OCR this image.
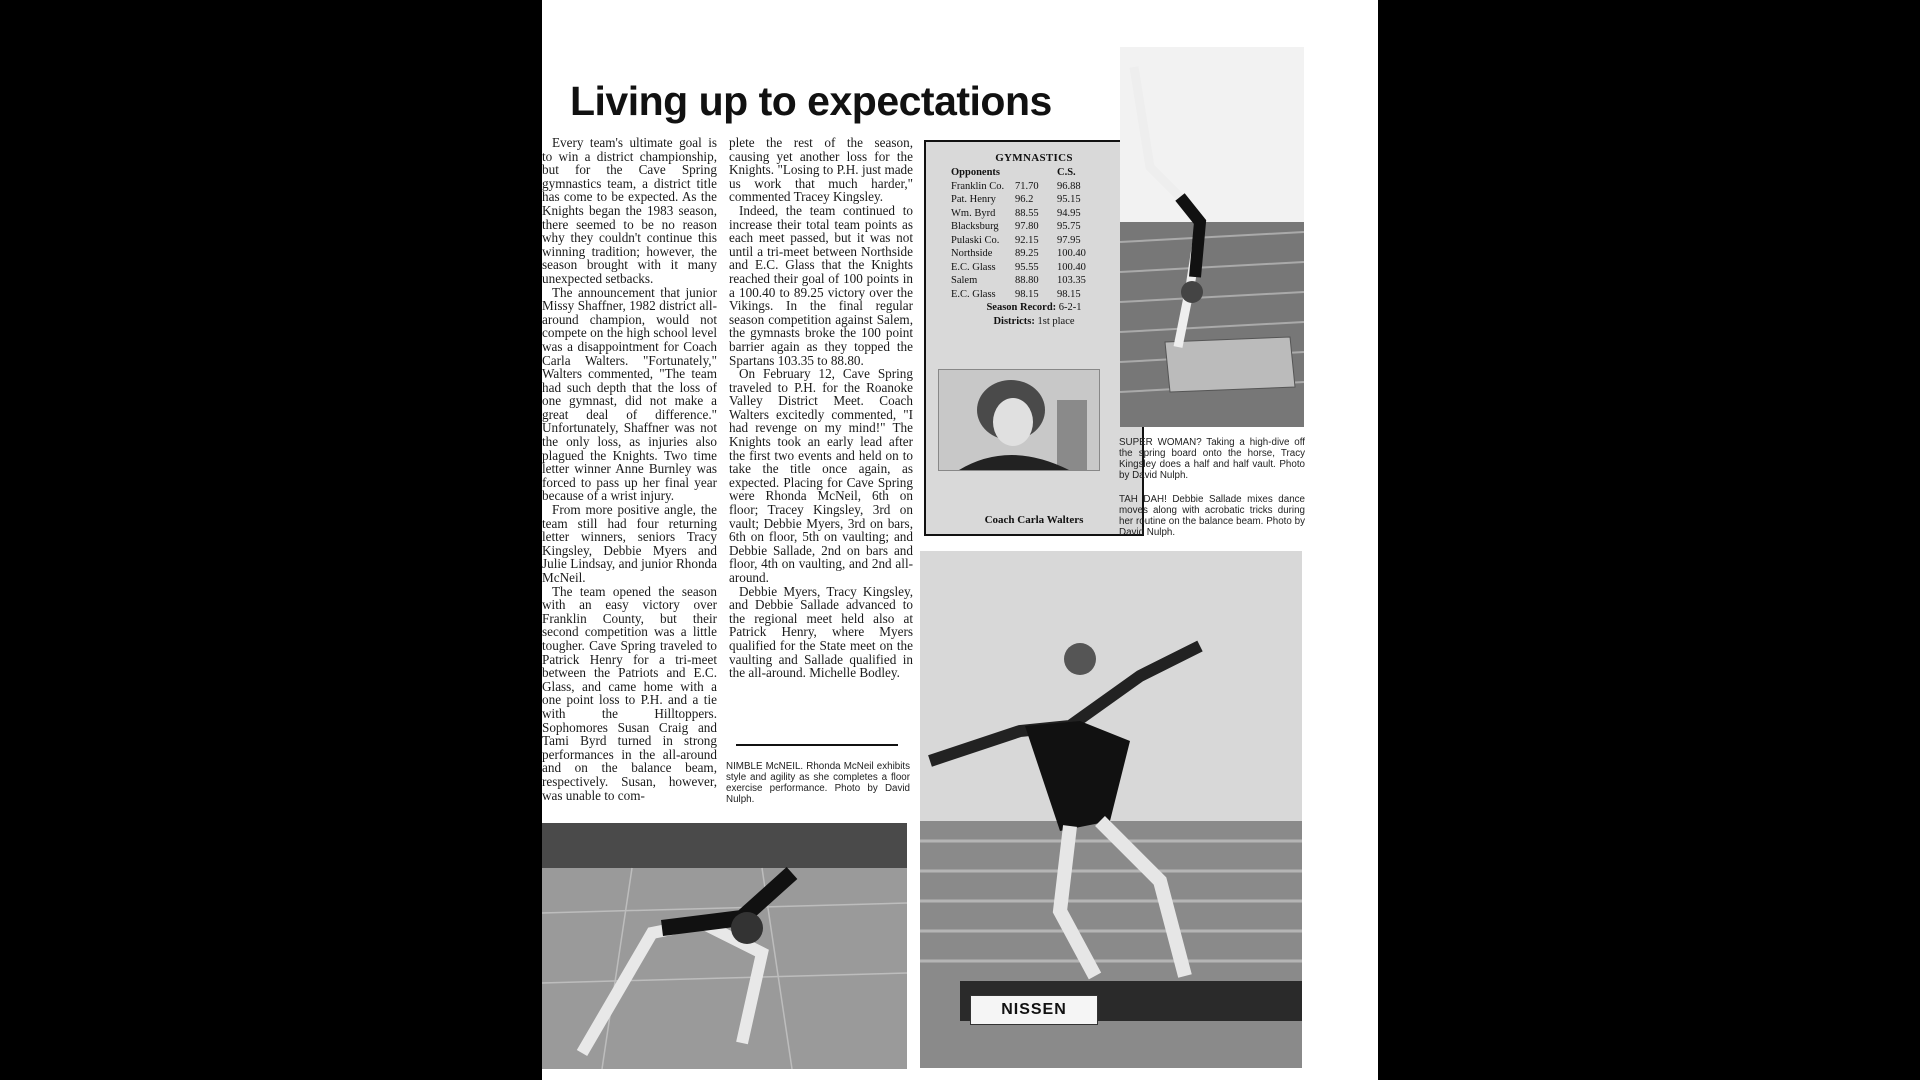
Living up to expectations

Every team's ultimate goal is to win a district championship, but for the Cave Spring gymnastics team, a district title has come to be expected. As the Knights began the 1983 season, there seemed to be no reason why they couldn't continue this winning tradition; however, the season brought with it many unexpected setbacks.

The announcement that junior Missy Shaffner, 1982 district all-around champion, would not compete on the high school level was a disappointment for Coach Carla Walters. "Fortunately," Walters commented, "The team had such depth that the loss of one gymnast, did not make a great deal of difference." Unfortunately, Shaffner was not the only loss, as injuries also plagued the Knights. Two time letter winner Anne Burnley was forced to pass up her final year because of a wrist injury.

From more positive angle, the team still had four returning letter winners, seniors Tracy Kingsley, Debbie Myers and Julie Lindsay, and junior Rhonda McNeil.

The team opened the season with an easy victory over Franklin County, but their second competition was a little tougher. Cave Spring traveled to Patrick Henry for a tri-meet between the Patriots and E.C. Glass, and came home with a one point loss to P.H. and a tie with the Hilltoppers. Sophomores Susan Craig and Tami Byrd turned in strong performances in the all-around and on the balance beam, respectively. Susan, however, was unable to com-

plete the rest of the season, causing yet another loss for the Knights. "Losing to P.H. just made us work that much harder," commented Tracey Kingsley.

Indeed, the team continued to increase their total team points as each meet passed, but it was not until a tri-meet between Northside and E.C. Glass that the Knights reached their goal of 100 points in a 100.40 to 89.25 victory over the Vikings. In the final regular season competition against Salem, the gymnasts broke the 100 point barrier again as they topped the Spartans 103.35 to 88.80.

On February 12, Cave Spring traveled to P.H. for the Roanoke Valley District Meet. Coach Walters excitedly commented, "I had revenge on my mind!" The Knights took an early lead after the first two events and held on to take the title once again, as expected. Placing for Cave Spring were Rhonda McNeil, 6th on floor; Tracey Kingsley, 3rd on vault; Debbie Myers, 3rd on bars, 6th on floor, 5th on vaulting; and Debbie Sallade, 2nd on bars and floor, 4th on vaulting, and 2nd all-around.

Debbie Myers, Tracy Kingsley, and Debbie Sallade advanced to the regional meet held also at Patrick Henry, where Myers qualified for the State meet on the vaulting and Sallade qualified in the all-around. Michelle Bodley.

NIMBLE McNEIL. Rhonda McNeil exhibits style and agility as she completes a floor exercise performance. Photo by David Nulph.
GYMNASTICS
Opponents		C.S.
Franklin Co.	71.70	96.88
Pat. Henry	96.2	95.15
Wm. Byrd	88.55	94.95
Blacksburg	97.80	95.75
Pulaski Co.	92.15	97.95
Northside	89.25	100.40
E.C. Glass	95.55	100.40
Salem	88.80	103.35
E.C. Glass	98.15	98.15
Season Record: 6-2-1
Districts: 1st place
Coach Carla Walters
SUPER WOMAN? Taking a high-dive off the spring board onto the horse, Tracy Kingsley does a half and half vault. Photo by David Nulph.
TAH DAH! Debbie Sallade mixes dance moves along with acrobatic tricks during her routine on the balance beam. Photo by David Nulph.
NISSEN
